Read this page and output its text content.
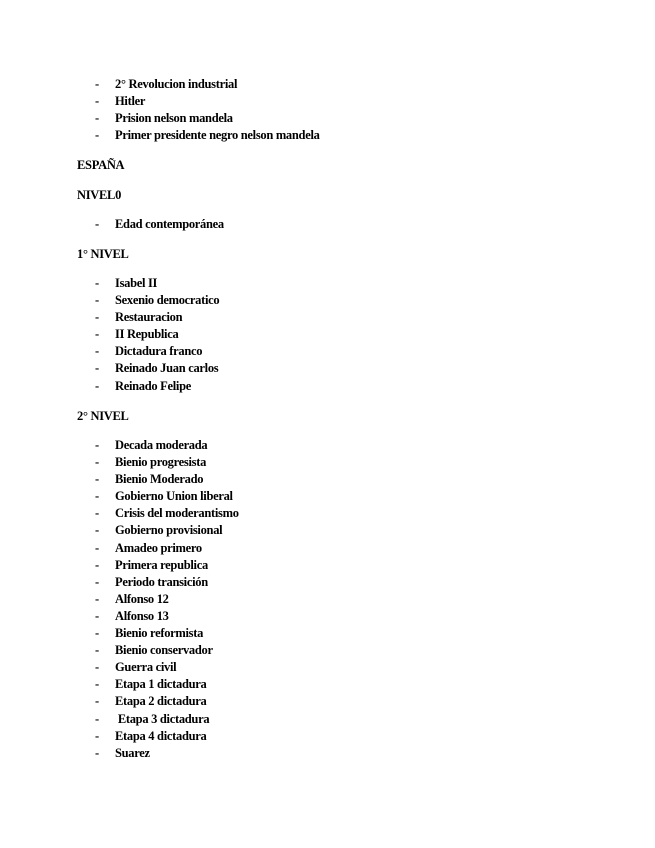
-	2° Revolucion industrial
-	Hitler
-	Prision nelson mandela
-	Primer presidente negro nelson mandela
ESPAÑA
NIVEL0
-	Edad contemporánea
1° NIVEL
-	Isabel II
-	Sexenio democratico
-	Restauracion
-	II Republica
-	Dictadura franco
-	Reinado Juan carlos
-	Reinado Felipe
2° NIVEL
-	Decada moderada
-	Bienio progresista
-	Bienio Moderado
-	Gobierno Union liberal
-	Crisis del moderantismo
-	Gobierno provisional
-	Amadeo primero
-	Primera republica
-	Periodo transición
-	Alfonso 12
-	Alfonso 13
-	Bienio reformista
-	Bienio conservador
-	Guerra civil
-	Etapa 1 dictadura
-	Etapa 2 dictadura
-	Etapa 3 dictadura
-	Etapa 4 dictadura
-	Suarez
